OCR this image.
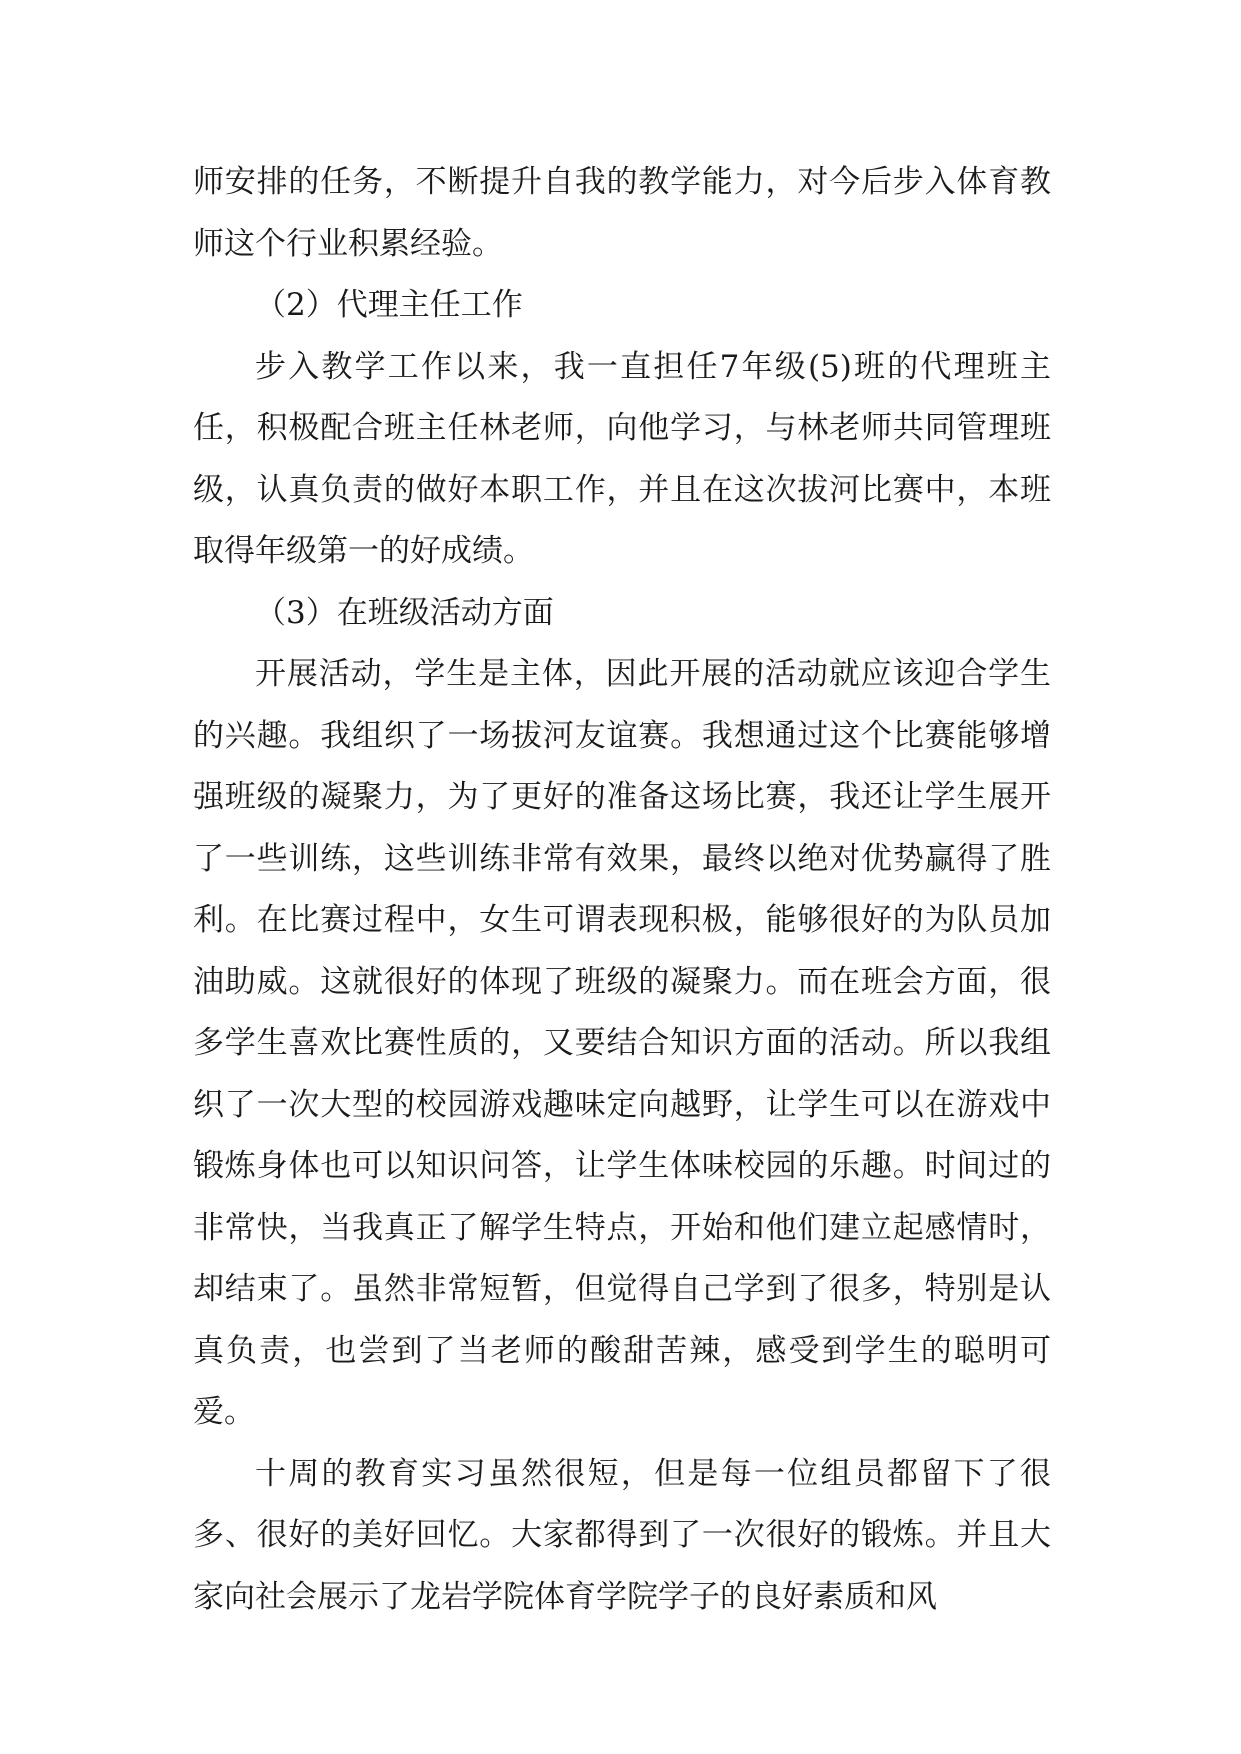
师安排的任务，不断提升自我的教学能力，对今后步入体育教师这个行业积累经验。

（2）代理主任工作

步入教学工作以来，我一直担任7年级(5)班的代理班主任，积极配合班主任林老师，向他学习，与林老师共同管理班级，认真负责的做好本职工作，并且在这次拔河比赛中，本班取得年级第一的好成绩。

（3）在班级活动方面

开展活动，学生是主体，因此开展的活动就应该迎合学生的兴趣。我组织了一场拔河友谊赛。我想通过这个比赛能够增强班级的凝聚力，为了更好的准备这场比赛，我还让学生展开了一些训练，这些训练非常有效果，最终以绝对优势赢得了胜利。在比赛过程中，女生可谓表现积极，能够很好的为队员加油助威。这就很好的体现了班级的凝聚力。而在班会方面，很多学生喜欢比赛性质的，又要结合知识方面的活动。所以我组织了一次大型的校园游戏趣味定向越野，让学生可以在游戏中锻炼身体也可以知识问答，让学生体味校园的乐趣。时间过的非常快，当我真正了解学生特点，开始和他们建立起感情时，却结束了。虽然非常短暂，但觉得自己学到了很多，特别是认真负责，也尝到了当老师的酸甜苦辣，感受到学生的聪明可爱。

十周的教育实习虽然很短，但是每一位组员都留下了很多、很好的美好回忆。大家都得到了一次很好的锻炼。并且大家向社会展示了龙岩学院体育学院学子的良好素质和风
